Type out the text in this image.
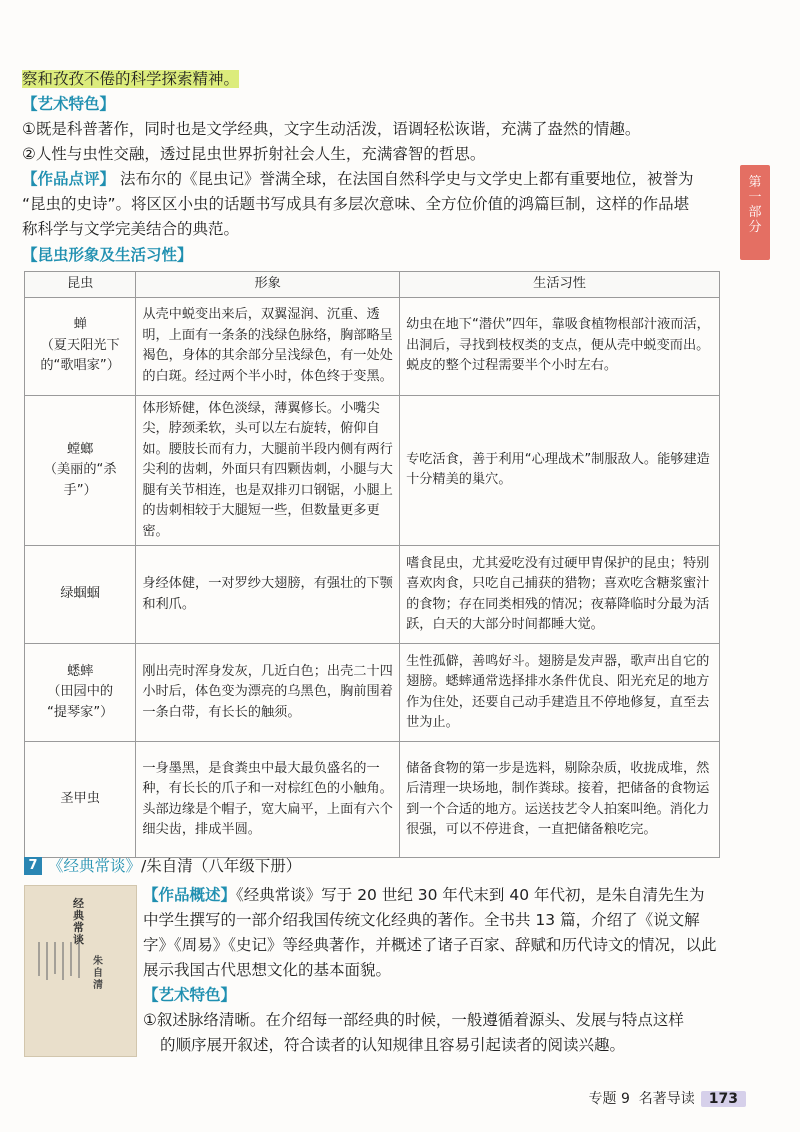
察和孜孜不倦的科学探索精神。
【艺术特色】
①既是科普著作，同时也是文学经典，文字生动活泼，语调轻松诙谐，充满了盎然的情趣。
②人性与虫性交融，透过昆虫世界折射社会人生，充满睿智的哲思。
【作品点评】 法布尔的《昆虫记》誉满全球，在法国自然科学史与文学史上都有重要地位，被誉为
“昆虫的史诗”。将区区小虫的话题书写成具有多层次意味、全方位价值的鸿篇巨制，这样的作品堪
称科学与文学完美结合的典范。
第
一
部
分
【昆虫形象及生活习性】
昆虫	形象	生活习性

蝉
（夏天阳光下
的“歌唱家”）	从壳中蜕变出来后，双翼湿润、沉重、透明，上面有一条条的浅绿色脉络，胸部略呈褐色，身体的其余部分呈浅绿色，有一处处的白斑。经过两个半小时，体色终于变黑。	幼虫在地下“潜伏”四年，靠吸食植物根部汁液而活，出洞后，寻找到枝杈类的支点，便从壳中蜕变而出。蜕皮的整个过程需要半个小时左右。

螳螂
（美丽的“杀手”）	体形矫健，体色淡绿，薄翼修长。小嘴尖尖，脖颈柔软，头可以左右旋转，俯仰自如。腰肢长而有力，大腿前半段内侧有两行尖利的齿刺，外面只有四颗齿刺，小腿与大腿有关节相连，也是双排刃口钢锯，小腿上的齿刺相较于大腿短一些，但数量更多更密。	专吃活食，善于利用“心理战术”制服敌人。能够建造十分精美的巢穴。

绿蝈蝈	身经体健，一对罗纱大翅膀，有强壮的下颚和利爪。	嗜食昆虫，尤其爱吃没有过硬甲胄保护的昆虫；特别喜欢肉食，只吃自己捕获的猎物；喜欢吃含糖浆蜜汁的食物；存在同类相残的情况；夜幕降临时分最为活跃，白天的大部分时间都睡大觉。

蟋蟀
（田园中的
“提琴家”）	刚出壳时浑身发灰，几近白色；出壳二十四小时后，体色变为漂亮的乌黑色，胸前围着一条白带，有长长的触须。	生性孤僻，善鸣好斗。翅膀是发声器，歌声出自它的翅膀。蟋蟀通常选择排水条件优良、阳光充足的地方作为住处，还要自己动手建造且不停地修复，直至去世为止。

圣甲虫	一身墨黑，是食粪虫中最大最负盛名的一种，有长长的爪子和一对棕红色的小触角。头部边缘是个帽子，宽大扁平，上面有六个细尖齿，排成半圆。	储备食物的第一步是选料，剔除杂质，收拢成堆，然后清理一块场地，制作粪球。接着，把储备的食物运到一个合适的地方。运送技艺令人拍案叫绝。消化力很强，可以不停进食，一直把储备粮吃完。
7 《经典常谈》/朱自清（八年级下册）
经典常谈
朱自清
【作品概述】《经典常谈》写于 20 世纪 30 年代末到 40 年代初，是朱自清先生为
中学生撰写的一部介绍我国传统文化经典的著作。全书共 13 篇，介绍了《说文解
字》《周易》《史记》等经典著作，并概述了诸子百家、辞赋和历代诗文的情况，以此
展示我国古代思想文化的基本面貌。
【艺术特色】
①叙述脉络清晰。在介绍每一部经典的时候，一般遵循着源头、发展与特点这样
的顺序展开叙述，符合读者的认知规律且容易引起读者的阅读兴趣。
专题 9 名著导读 173
